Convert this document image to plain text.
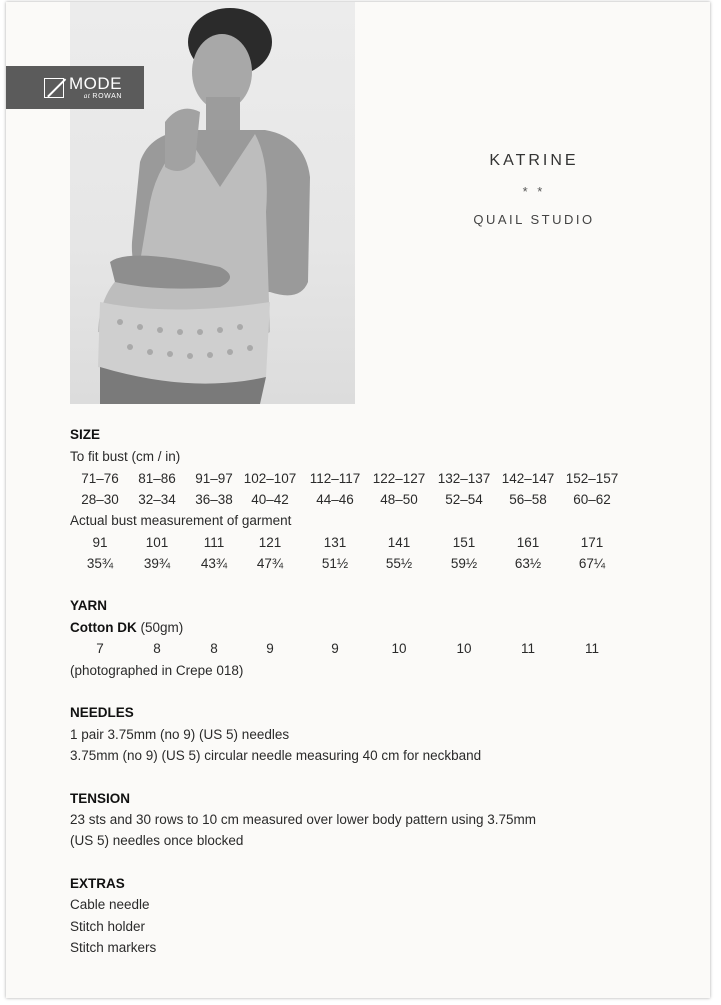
MODE
at ROWAN
KATRINE
* *
QUAIL STUDIO
SIZE
To fit bust (cm / in)
71–76	81–86	91–97 102–107 112–117 122–127 132–137 142–147 152–157
28–30	32–34	36–38	40–42	44–46	48–50	52–54	56–58	60–62
Actual bust measurement of garment
91	101	111	121	131	141	151	161	171
35¾	39¾	43¾	47¾	51½	55½	59½	63½	67¼
YARN
Cotton DK (50gm)
7	8	8	9	9	10	10	11	11
(photographed in Crepe 018)
NEEDLES
1 pair 3.75mm (no 9) (US 5) needles
3.75mm (no 9) (US 5) circular needle measuring 40 cm for neckband
TENSION
23 sts and 30 rows to 10 cm measured over lower body pattern using 3.75mm
(US 5) needles once blocked
EXTRAS
Cable needle
Stitch holder
Stitch markers
